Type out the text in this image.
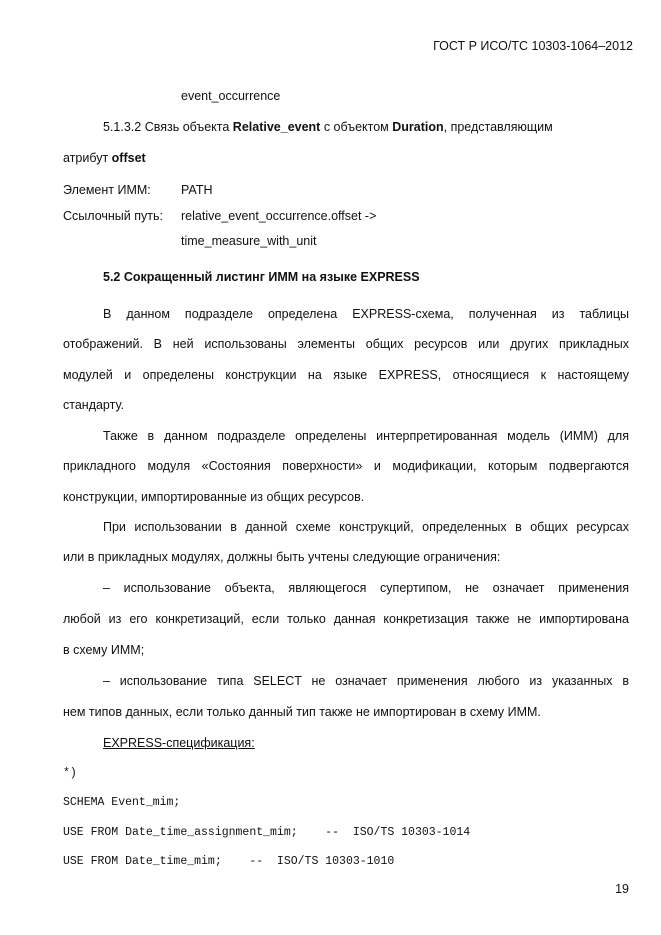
ГОСТ Р ИСО/ТС 10303-1064–2012
event_occurrence
5.1.3.2 Связь объекта Relative_event с объектом Duration, представляющим
атрибут offset
Элемент ИММ: PATH
Ссылочный путь: relative_event_occurrence.offset ->
time_measure_with_unit
5.2 Сокращенный листинг ИММ на языке EXPRESS
В данном подразделе определена EXPRESS-схема, полученная из таблицы
отображений. В ней использованы элементы общих ресурсов или других прикладных
модулей и определены конструкции на языке EXPRESS, относящиеся к настоящему
стандарту.
Также в данном подразделе определены интерпретированная модель (ИММ) для
прикладного модуля «Состояния поверхности» и модификации, которым подвергаются
конструкции, импортированные из общих ресурсов.
При использовании в данной схеме конструкций, определенных в общих ресурсах
или в прикладных модулях, должны быть учтены следующие ограничения:
– использование объекта, являющегося супертипом, не означает применения
любой из его конкретизаций, если только данная конкретизация также не импортирована
в схему ИММ;
– использование типа SELECT не означает применения любого из указанных в
нем типов данных, если только данный тип также не импортирован в схему ИММ.
EXPRESS-спецификация:
*)
SCHEMA Event_mim;
USE FROM Date_time_assignment_mim;    --  ISO/TS 10303-1014
USE FROM Date_time_mim;    --  ISO/TS 10303-1010
19
